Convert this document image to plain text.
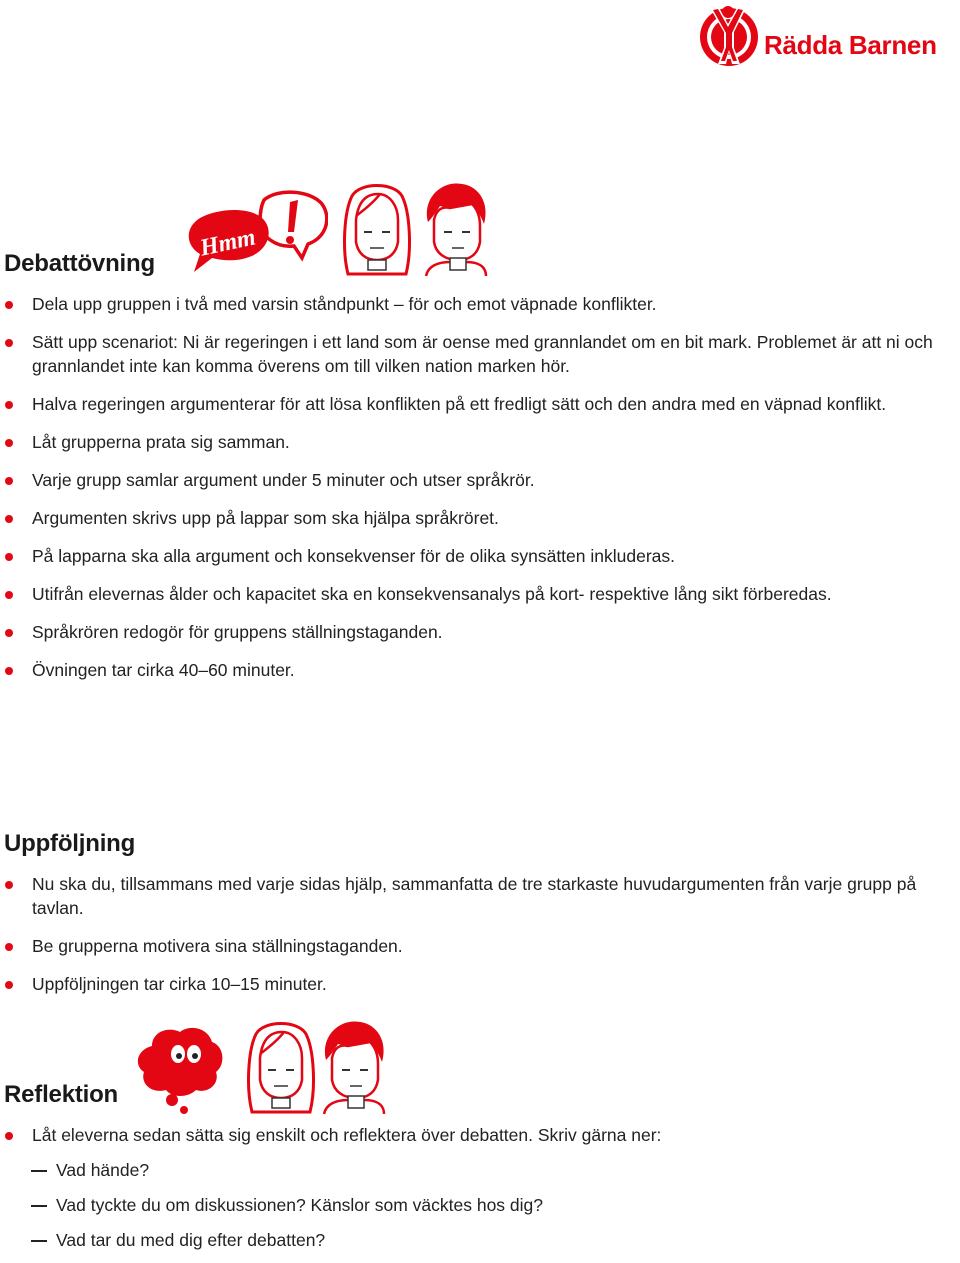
Rädda Barnen
Hmm
Debattövning
Dela upp gruppen i två med varsin ståndpunkt – för och emot väpnade konflikter.
Sätt upp scenariot: Ni är regeringen i ett land som är oense med grannlandet om en bit mark. Problemet är att ni och grannlandet inte kan komma överens om till vilken nation marken hör.
Halva regeringen argumenterar för att lösa konflikten på ett fredligt sätt och den andra med en väpnad konflikt.
Låt grupperna prata sig samman.
Varje grupp samlar argument under 5 minuter och utser språkrör.
Argumenten skrivs upp på lappar som ska hjälpa språkröret.
På lapparna ska alla argument och konsekvenser för de olika synsätten inkluderas.
Utifrån elevernas ålder och kapacitet ska en konsekvensanalys på kort- respektive lång sikt förberedas.
Språkrören redogör för gruppens ställningstaganden.
Övningen tar cirka 40–60 minuter.
Uppföljning
Nu ska du, tillsammans med varje sidas hjälp, sammanfatta de tre starkaste huvudargumenten från varje grupp på tavlan.
Be grupperna motivera sina ställningstaganden.
Uppföljningen tar cirka 10–15 minuter.
Reflektion
Låt eleverna sedan sätta sig enskilt och reflektera över debatten. Skriv gärna ner:
Vad hände?
Vad tyckte du om diskussionen? Känslor som väcktes hos dig?
Vad tar du med dig efter debatten?
